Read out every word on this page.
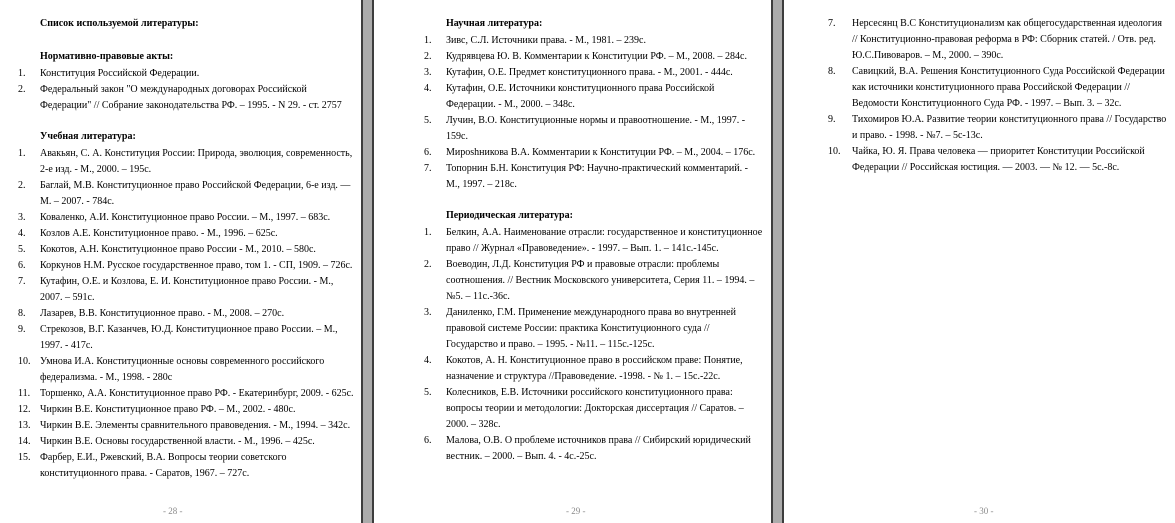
Список используемой литературы:
Нормативно-правовые акты:
1. Конституция Российской Федерации.
2. Федеральный закон "О международных договорах Российской
Федерации" // Собрание законодательства РФ. – 1995. - N 29. - ст. 2757
Учебная литература:
1. Авакьян, С. А. Конституция России: Природа, эволюция, современность,
2-е изд. - М., 2000. – 195с.
2. Баглай, М.В. Конституционное право Российской Федерации, 6-е изд. —
М. – 2007. - 784с.
3. Коваленко, А.И. Конституционное право России. – М., 1997. – 683с.
4. Козлов А.Е. Конституционное право. - М., 1996. – 625с.
5. Кокотов, А.Н. Конституционное право России - М., 2010. – 580с.
6. Коркунов Н.М. Русское государственное право, том 1. - СП, 1909. – 726с.
7. Кутафин, О.Е. и Козлова, Е. И. Конституционное право России. - М.,
2007. – 591с.
8. Лазарев, В.В. Конституционное право. - М., 2008. – 270с.
9. Стрекозов, В.Г. Казанчев, Ю.Д. Конституционное право России. – М.,
1997. - 417с.
10. Умнова И.А. Конституционные основы современного российского
федерализма. - М., 1998. - 280с
11. Торшенко, А.А. Конституционное право РФ. - Екатеринбург, 2009. - 625с.
12. Чиркин В.Е. Конституционное право РФ. – М., 2002. - 480с.
13. Чиркин В.Е. Элементы сравнительного правоведения. - М., 1994. – 342с.
14. Чиркин В.Е. Основы государственной власти. - М., 1996. – 425с.
15. Фарбер, Е.И., Ржевский, В.А. Вопросы теории советского
конституционного права. - Саратов, 1967. – 727с.
- 28 -
Научная литература:
1. Зивс, С.Л. Источники права. - М., 1981. – 239с.
2. Кудрявцева Ю. В. Комментарии к Конституции РФ. – М., 2008. – 284с.
3. Кутафин, О.Е. Предмет конституционного права. - М., 2001. - 444с.
4. Кутафин, О.Е. Источники конституционного права Российской
Федерации. - М., 2000. – 348с.
5. Лучин, В.О. Конституционные нормы и правоотношение. - М., 1997. -
159с.
6. Мироshникова В.А. Комментарии к Конституции РФ. – М., 2004. – 176с.
7. Топорнин Б.Н. Конституция РФ: Научно-практический комментарий. -
М., 1997. – 218с.
Периодическая литература:
1. Белкин, А.А. Наименование отрасли: государственное и конституционное
право // Журнал «Правоведение». - 1997. – Вып. 1. – 141с.-145с.
2. Воеводин, Л.Д. Конституция РФ и правовые отрасли: проблемы
соотношения. // Вестник Московского университета, Серия 11. – 1994. –
№5. – 11с.-36с.
3. Даниленко, Г.М. Применение международного права во внутренней
правовой системе России: практика Конституционного суда //
Государство и право. – 1995. - №11. – 115с.-125с.
4. Кокотов, А. Н. Конституционное право в российском праве: Понятие,
назначение и структура //Правоведение. -1998. - № 1. – 15с.-22с.
5. Колесников, Е.В. Источники российского конституционного права:
вопросы теории и методологии: Докторская диссертация // Саратов. –
2000. – 328с.
6. Малова, О.В. О проблеме источников права // Сибирский юридический
вестник. – 2000. – Вып. 4. - 4с.-25с.
- 29 -
7. Нерсесянц В.С Конституционализм как общегосударственная идеология
// Конституционно-правовая реформа в РФ: Сборник статей. / Отв. ред.
Ю.С.Пивоваров. – М., 2000. – 390с.
8. Савицкий, В.А. Решения Конституционного Суда Российской Федерации
как источники конституционного права Российской Федерации //
Ведомости Конституционного Суда РФ. - 1997. – Вып. 3. – 32с.
9. Тихомиров Ю.А. Развитие теории конституционного права // Государство
и право. - 1998. - №7. – 5с-13с.
10. Чайка, Ю. Я. Права человека — приоритет Конституции Российской
Федерации // Российская юстиция. — 2003. — № 12. — 5с.-8с.
- 30 -
